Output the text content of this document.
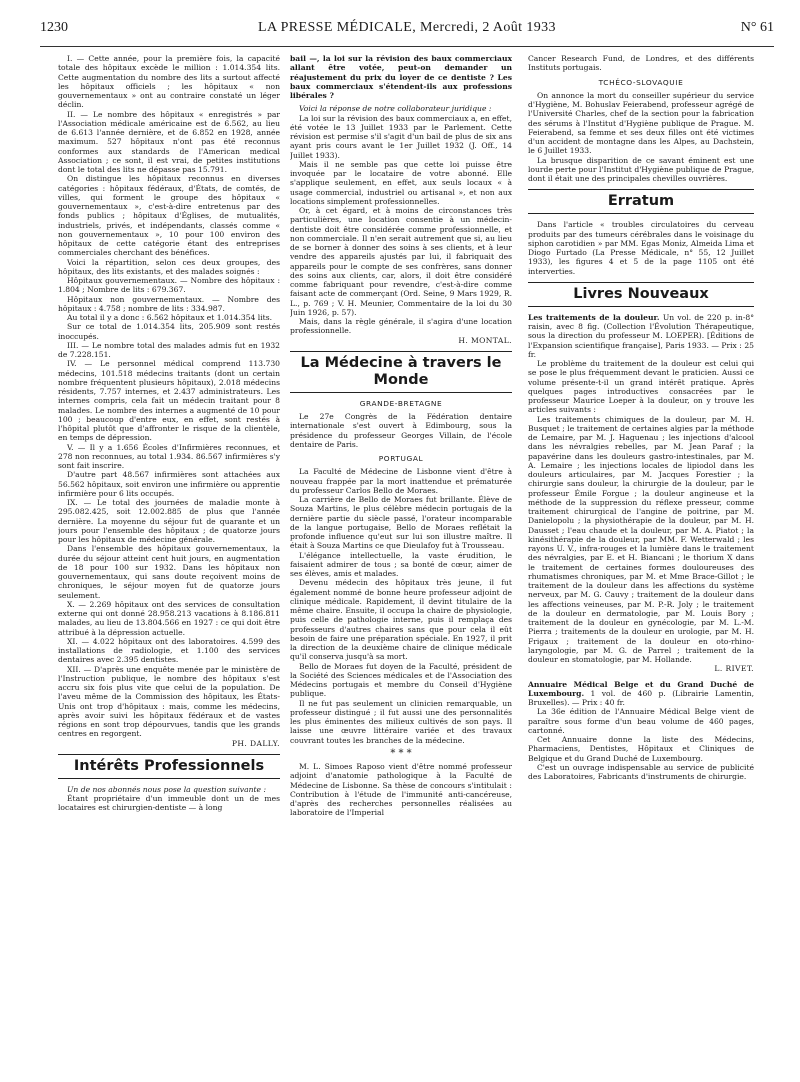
1230	LA PRESSE MÉDICALE, Mercredi, 2 Août 1933	N° 61

I. — Cette année, pour la première fois, la capacité totale des hôpitaux excède le million : 1.014.354 lits. Cette augmentation du nombre des lits a surtout affecté les hôpitaux officiels ; les hôpitaux « non gouvernementaux » ont au contraire constaté un léger déclin.

II. — Le nombre des hôpitaux « enregistrés » par l'Association médicale américaine est de 6.562, au lieu de 6.613 l'année dernière, et de 6.852 en 1928, année maximum. 527 hôpitaux n'ont pas été reconnus conformes aux standards de l'American medical Association ; ce sont, il est vrai, de petites institutions dont le total des lits ne dépasse pas 15.791.

On distingue les hôpitaux reconnus en diverses catégories : hôpitaux fédéraux, d'États, de comtés, de villes, qui forment le groupe des hôpitaux « gouvernementaux », c'est-à-dire entretenus par des fonds publics ; hôpitaux d'Églises, de mutualités, industriels, privés, et indépendants, classés comme « non gouvernementaux », 10 pour 100 environ des hôpitaux de cette catégorie étant des entreprises commerciales cherchant des bénéfices.

Voici la répartition, selon ces deux groupes, des hôpitaux, des lits existants, et des malades soignés :

Hôpitaux gouvernementaux. — Nombre des hôpitaux : 1.804 ; Nombre de lits : 679.367.

Hôpitaux non gouvernementaux. — Nombre des hôpitaux : 4.758 ; nombre de lits : 334.987.

Au total il y a donc : 6.562 hôpitaux et 1.014.354 lits.

Sur ce total de 1.014.354 lits, 205.909 sont restés inoccupés.

III. — Le nombre total des malades admis fut en 1932 de 7.228.151.

IV. — Le personnel médical comprend 113.730 médecins, 101.518 médecins traitants (dont un certain nombre fréquentent plusieurs hôpitaux), 2.018 médecins résidents, 7.757 internes, et 2.437 administrateurs. Les internes compris, cela fait un médecin traitant pour 8 malades. Le nombre des internes a augmenté de 10 pour 100 ; beaucoup d'entre eux, en effet, sont restés à l'hôpital plutôt que d'affronter le risque de la clientèle, en temps de dépression.

V. — Il y a 1.656 Écoles d'Infirmières reconnues, et 278 non reconnues, au total 1.934. 86.567 infirmières s'y sont fait inscrire.

D'autre part 48.567 infirmières sont attachées aux 56.562 hôpitaux, soit environ une infirmière ou apprentie infirmière pour 6 lits occupés.

IX. — Le total des journées de maladie monte à 295.082.425, soit 12.002.885 de plus que l'année dernière. La moyenne du séjour fut de quarante et un jours pour l'ensemble des hôpitaux ; de quatorze jours pour les hôpitaux de médecine générale.

Dans l'ensemble des hôpitaux gouvernementaux, la durée du séjour atteint cent huit jours, en augmentation de 18 pour 100 sur 1932. Dans les hôpitaux non gouvernementaux, qui sans doute reçoivent moins de chroniques, le séjour moyen fut de quatorze jours seulement.

X. — 2.269 hôpitaux ont des services de consultation externe qui ont donné 28.958.213 vacations à 8.186.811 malades, au lieu de 13.804.566 en 1927 : ce qui doit être attribué à la dépression actuelle.

XI. — 4.022 hôpitaux ont des laboratoires. 4.599 des installations de radiologie, et 1.100 des services dentaires avec 2.395 dentistes.

XII. — D'après une enquête menée par le ministère de l'Instruction publique, le nombre des hôpitaux s'est accru six fois plus vite que celui de la population. De l'aveu même de la Commission des hôpitaux, les États-Unis ont trop d'hôpitaux : mais, comme les médecins, après avoir suivi les hôpitaux fédéraux et de vastes régions en sont trop dépourvues, tandis que les grands centres en regorgent.

PH. DALLY.

Intérêts Professionnels

Un de nos abonnés nous pose la question suivante :

Étant propriétaire d'un immeuble dont un de mes locataires est chirurgien-dentiste — à long

bail —, la loi sur la révision des baux commerciaux allant être votée, peut-on demander un réajustement du prix du loyer de ce dentiste ? Les baux commerciaux s'étendent-ils aux professions libérales ?

Voici la réponse de notre collaborateur juridique :

La loi sur la révision des baux commerciaux a, en effet, été votée le 13 Juillet 1933 par le Parlement. Cette révision est permise s'il s'agit d'un bail de plus de six ans ayant pris cours avant le 1er Juillet 1932 (J. Off., 14 Juillet 1933).

Mais il ne semble pas que cette loi puisse être invoquée par le locataire de votre abonné. Elle s'applique seulement, en effet, aux seuls locaux « à usage commercial, industriel ou artisanal », et non aux locations simplement professionnelles.

Or, à cet égard, et à moins de circonstances très particulières, une location consentie à un médecin-dentiste doit être considérée comme professionnelle, et non commerciale. Il n'en serait autrement que si, au lieu de se borner à donner des soins à ses clients, et à leur vendre des appareils ajustés par lui, il fabriquait des appareils pour le compte de ses confrères, sans donner des soins aux clients, car, alors, il doit être considéré comme fabriquant pour revendre, c'est-à-dire comme faisant acte de commerçant (Ord. Seine, 9 Mars 1929, R. L., p. 769 ; V. H. Meunier, Commentaire de la loi du 30 Juin 1926, p. 57).

Mais, dans la règle générale, il s'agira d'une location professionnelle.

H. MONTAL.

La Médecine à travers le Monde
GRANDE-BRETAGNE

Le 27e Congrès de la Fédération dentaire internationale s'est ouvert à Edimbourg, sous la présidence du professeur Georges Villain, de l'école dentaire de Paris.

PORTUGAL

La Faculté de Médecine de Lisbonne vient d'être à nouveau frappée par la mort inattendue et prématurée du professeur Carlos Bello de Moraes.

La carrière de Bello de Moraes fut brillante. Élève de Souza Martins, le plus célèbre médecin portugais de la dernière partie du siècle passé, l'orateur incomparable de la langue portugaise, Bello de Moraes reflétait la profonde influence qu'eut sur lui son illustre maître. Il était à Souza Martins ce que Dieulafoy fut à Trousseau.

L'élégance intellectuelle, la vaste érudition, le faisaient admirer de tous ; sa bonté de cœur, aimer de ses élèves, amis et malades.

Devenu médecin des hôpitaux très jeune, il fut également nommé de bonne heure professeur adjoint de clinique médicale. Rapidement, il devint titulaire de la même chaire. Ensuite, il occupa la chaire de physiologie, puis celle de pathologie interne, puis il remplaça des professeurs d'autres chaires sans que pour cela il eût besoin de faire une préparation spéciale. En 1927, il prit la direction de la deuxième chaire de clinique médicale qu'il conserva jusqu'à sa mort.

Bello de Moraes fut doyen de la Faculté, président de la Société des Sciences médicales et de l'Association des Médecins portugais et membre du Conseil d'Hygiène publique.

Il ne fut pas seulement un clinicien remarquable, un professeur distingué ; il fut aussi une des personnalités les plus éminentes des milieux cultivés de son pays. Il laisse une œuvre littéraire variée et des travaux couvrant toutes les branches de la médecine.

* * *

M. L. Simoes Raposo vient d'être nommé professeur adjoint d'anatomie pathologique à la Faculté de Médecine de Lisbonne. Sa thèse de concours s'intitulait : Contribution à l'étude de l'immunité anti-cancéreuse, d'après des recherches personnelles réalisées au laboratoire de l'Imperial

Cancer Research Fund, de Londres, et des différents Instituts portugais.

TCHÉCO-SLOVAQUIE

On annonce la mort du conseiller supérieur du service d'Hygiène, M. Bohuslav Feierabend, professeur agrégé de l'Université Charles, chef de la section pour la fabrication des sérums à l'Institut d'Hygiène publique de Prague. M. Feierabend, sa femme et ses deux filles ont été victimes d'un accident de montagne dans les Alpes, au Dachstein, le 6 Juillet 1933.

La brusque disparition de ce savant éminent est une lourde perte pour l'Institut d'Hygiène publique de Prague, dont il était une des principales chevilles ouvrières.

Erratum

Dans l'article « troubles circulatoires du cerveau produits par des tumeurs cérébrales dans le voisinage du siphon carotidien » par MM. Egas Moniz, Almeida Lima et Diogo Furtado (La Presse Médicale, n° 55, 12 Juillet 1933), les figures 4 et 5 de la page 1105 ont été interverties.

Livres Nouveaux

Les traitements de la douleur. Un vol. de 220 p. in-8° raisin, avec 8 fig. (Collection l'Évolution Thérapeutique, sous la direction du professeur M. LOEPER). [Éditions de l'Expansion scientifique française], Paris 1933. — Prix : 25 fr.

Le problème du traitement de la douleur est celui qui se pose le plus fréquemment devant le praticien. Aussi ce volume présente-t-il un grand intérêt pratique. Après quelques pages introductives consacrées par le professeur Maurice Loeper à la douleur, on y trouve les articles suivants :

Les traitements chimiques de la douleur, par M. H. Busquet ; le traitement de certaines algies par la méthode de Lemaire, par M. J. Haguenau ; les injections d'alcool dans les névralgies rebelles, par M. Jean Paraf ; la papavérine dans les douleurs gastro-intestinales, par M. A. Lemaire ; les injections locales de lipiodol dans les douleurs articulaires, par M. Jacques Forestier ; la chirurgie sans douleur, la chirurgie de la douleur, par le professeur Émile Forgue ; la douleur angineuse et la méthode de la suppression du réflexe presseur, comme traitement chirurgical de l'angine de poitrine, par M. Danielopolu ; la physiothérapie de la douleur, par M. H. Dausset ; l'eau chaude et la douleur, par M. A. Piatot ; la kinésithérapie de la douleur, par MM. F. Wetterwald ; les rayons U. V., infra-rouges et la lumière dans le traitement des névralgies, par E. et H. Biancani ; le thorium X dans le traitement de certaines formes douloureuses des rhumatismes chroniques, par M. et Mme Brace-Gillot ; le traitement de la douleur dans les affections du système nerveux, par M. G. Cauvy ; traitement de la douleur dans les affections veineuses, par M. P.-R. Joly ; le traitement de la douleur en dermatologie, par M. Louis Bory ; traitement de la douleur en gynécologie, par M. L.-M. Pierra ; traitements de la douleur en urologie, par M. H. Frigaux ; traitement de la douleur en oto-rhino-laryngologie, par M. G. de Parrel ; traitement de la douleur en stomatologie, par M. Hollande.

L. RIVET.

Annuaire Médical Belge et du Grand Duché de Luxembourg. 1 vol. de 460 p. (Librairie Lamentin, Bruxelles). — Prix : 40 fr.

La 36e édition de l'Annuaire Médical Belge vient de paraître sous forme d'un beau volume de 460 pages, cartonné.

Cet Annuaire donne la liste des Médecins, Pharmaciens, Dentistes, Hôpitaux et Cliniques de Belgique et du Grand Duché de Luxembourg.

C'est un ouvrage indispensable au service de publicité des Laboratoires, Fabricants d'instruments de chirurgie.
